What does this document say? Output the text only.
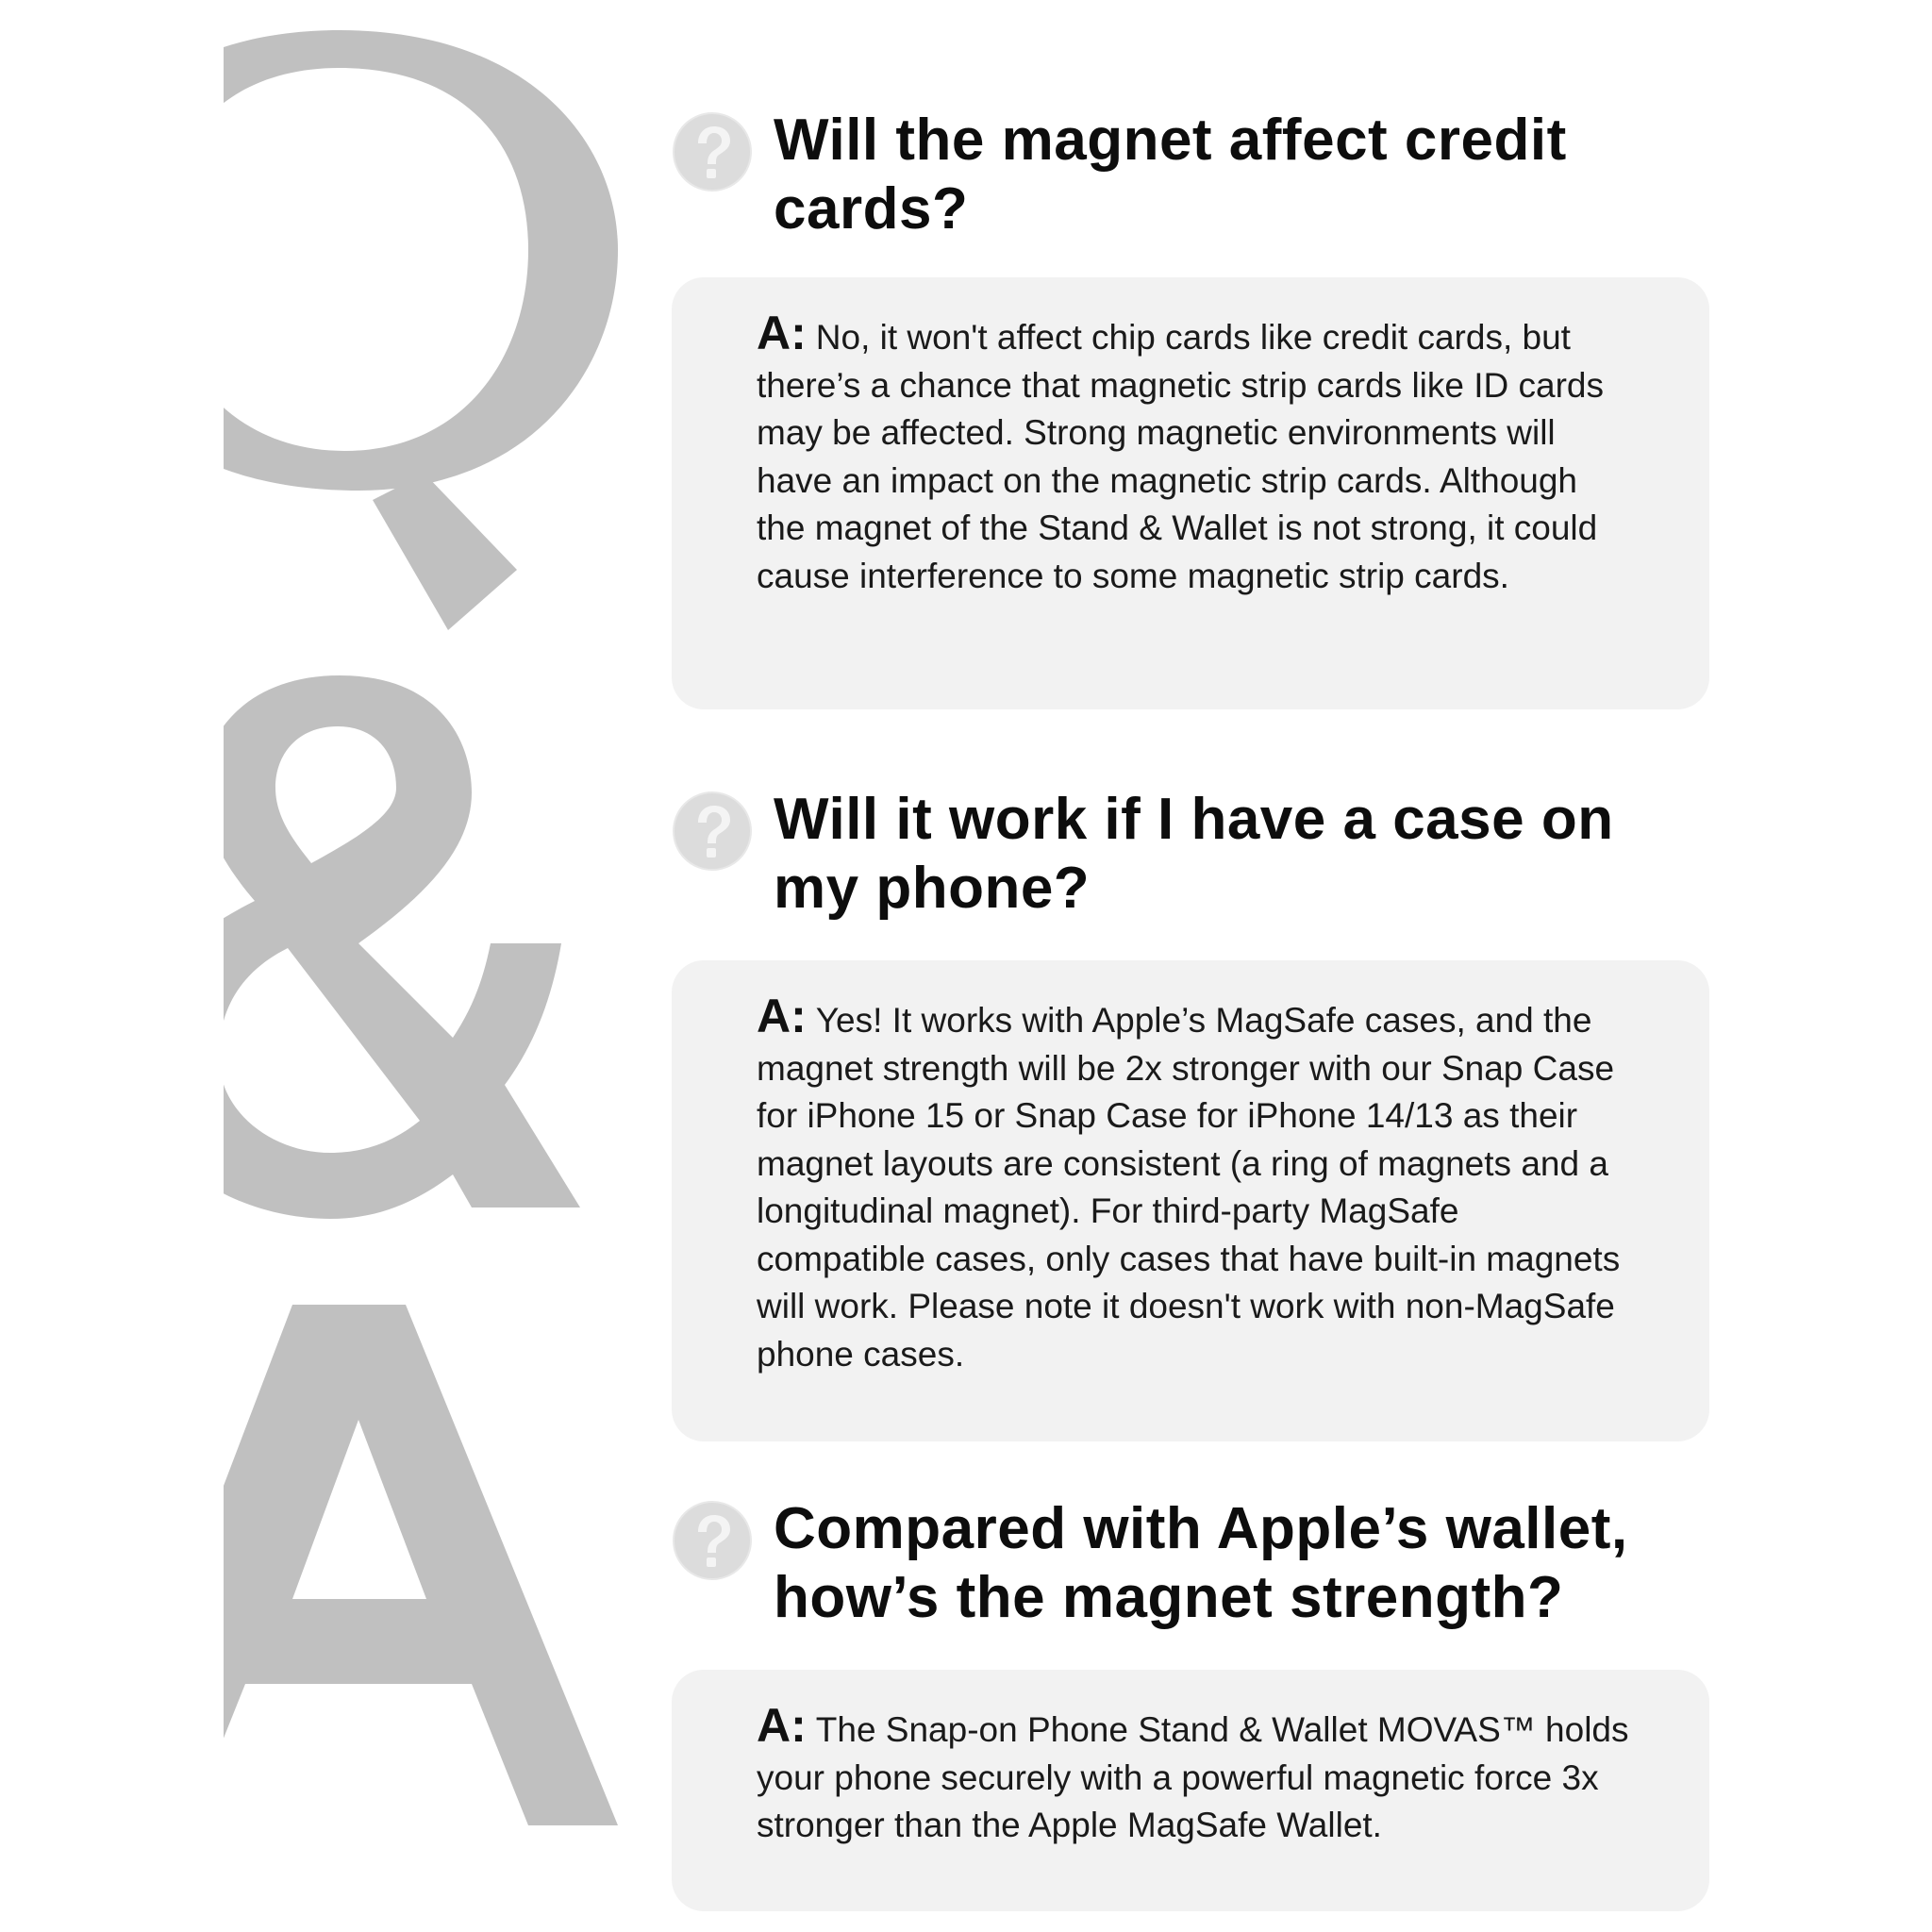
Will the magnet affect credit cards?

A: No, it won't affect chip cards like credit cards, but there’s a chance that magnetic strip cards like ID cards may be affected. Strong magnetic environments will have an impact on the magnetic strip cards. Although the magnet of the Stand & Wallet is not strong, it could cause interference to some magnetic strip cards.

Will it work if I have a case on my phone?

A: Yes! It works with Apple’s MagSafe cases, and the magnet strength will be 2x stronger with our Snap Case for iPhone 15 or Snap Case for iPhone 14/13 as their magnet layouts are consistent (a ring of magnets and a longitudinal magnet). For third-party MagSafe compatible cases, only cases that have built-in magnets will work. Please note it doesn't work with non-MagSafe phone cases.

Compared with Apple’s wallet, how’s the magnet strength?

A: The Snap-on Phone Stand & Wallet MOVAS™ holds your phone securely with a powerful magnetic force 3x stronger than the Apple MagSafe Wallet.
